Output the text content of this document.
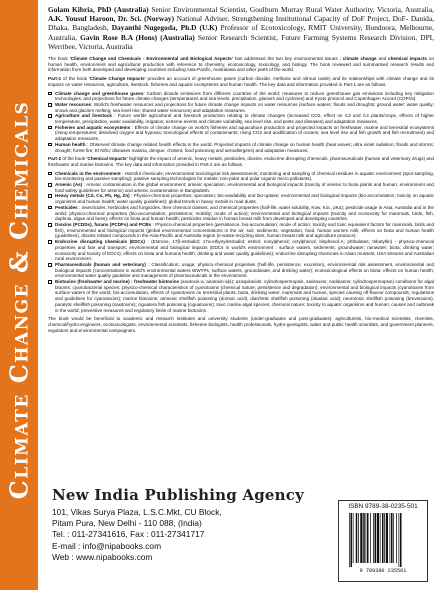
Climate Change & Chemicals

Golam Kibria, PhD (Australia) Senior Environmental Scientist, Goulburn Murray Rural Water Authority, Victoria, Australia, A.K. Yousuf Haroon, Dr. Sci. (Norway) National Adviser, Strengthening Institutional Capacity of DoF Project, DoF- Danida, Dhaka, Bangladesh, Dayanthi Nugegoda, Ph.D (U.K) Professor of Ecotoxicology, RMIT University, Bundoora, Melbourne, Australia, Gavin Rose B.A (Hons) (Australia) Senior Research Scientist, Future Farming Systems Research Division, DPI, Werribee, Victoria, Australia

The book 'Climate Change and Chemicals - Environmental and Biological Aspects' has addressed the two key environmental issues : climate change and chemical impacts on human health, environment and agricultural production with reference to chemistry, ecotoxicology, toxicology, and biology. The book reviewed and summarised research results and information from both developed and developing countries including Asia-Pacific, Australasia and other parts of the world.

Part-1 of the book 'Climate Change Impacts' provides an account of greenhouse gases (carbon dioxide, methane and nitrous oxide) and its relationships with climate change and its impacts on water resources, agriculture, livestock, fisheries and aquatic ecosystems and human health. The key data and information provided in Part-1 are as follows.

Climate change and greenhouse gases: Carbon dioxide emissions from different countries of the world; measures to reduce greenhouse gas emissions including key mitigation technologies; and projections for future climate changes (temperatures and sea levels, precipitation, glaciers and cyclones) and Kyoto protocol and Copenhagen Accord (COP15).
Water resources: World's freshwater resources and projections for future climate change impacts on water resources (surface waters; floods and droughts; ground water; water quality; snows and glaciers melting; sea level rise; shared water resources) and adaptation measures.
Agriculture and livestock : Future worlds agricultural and livestock production relating to climate changes (increased CO2, effect on C3 and C4 plants/crops, effects of higher temperature, precipitation, water availability, irrigation; extreme events and climate variability, sea level rise, and pests and diseases) and adaptation measures.
Fisheries and aquatic ecosystems : Effects of climate change on world's fisheries and aquaculture production and projected impacts on freshwater, marine and terrestrial ecosystems (rising temperatures; dissolved oxygen and hypoxia; toxicological effects of contaminants; rising CO2 and acidification of oceans; sea level rise and fish growth and fish recruitment) and adaptation measures.
Human health : Observed climate change related health effects in the world. Projected impacts of climate change on human health (heat waves; ultra violet radiation; floods and storms; drought; forest fire; El Niño; diseases malaria, dengue, cholera; food poisoning and aeroallergens) and adaptation measures.

Part-2 of the book 'Chemical Impacts' highlights the impact of arsenic, heavy metals, pesticides, dioxins, endocrine disrupting chemicals, pharmaceuticals (human and veterinary drugs) and freshwater and marine biotoxins. The key data and information provided in Part-2 are as follows.

Chemicals in the environment : Harmful chemicals; environmental toxicological risk assessments; monitoring and sampling of chemical residues in aquatic environment (spot sampling, bio-monitoring and passive sampling); passive sampling technologies for metals; non-polar and polar organic micro pollutants).
Arsenic (As) : Arsenic contamination in the global environment; arsenic speciation; environmental and biological impacts (toxicity of arsenic to biota plants and human; environment and food safety guidelines for arsenic) and arsenic contamination in Bangladesh.
Heavy metals (Cd, Cu, Pb, Hg, Zn) : Physico-chemical properties; speciation; bio-availability and bio-uptake; environmental and biological impacts (bio-accumulation; toxicity on aquatic organisms and human health; water quality guidelines); global trends in heavy metals in road dusts.
Pesticides : insecticides, herbicides and fungicides, their chemical classes, and chemical properties (half-life, water solubility, Kow, Koc, pKa); pesticide usage in Asia, Australia and in the world; physico-chemical properties (bio-accumulation, persistence; mobility; mode of action); environmental and biological impacts (toxicity and ecotoxicity for mammals, birds, fish, daphnia, algae and bees); effects on biota and human health; pesticides residue in human breast milk from developed and developing countries.
Dioxins (PCDDs), furans (PCDFs) and PCBs : Physico-chemical properties (persistence, bio-accumulation; mode of action; toxicity and toxic equivalent factors for mammals, birds and fish), environmental and biological impacts (global environmental concentrations in the air, soil, sediments, vegetation, food, human women milk, effects on biota and human health (guidelines), dioxins related compounds in the Asia-Pacific and Australia region (e-waste recycling sites, human breast milk and agriculture produce).
Endocrine disrupting chemicals (EDCs) : (Estrone, 17β-estradiol; 17α-ethynylestradiol; estriol; nonylphenol; octylphenol; bisphenol-A; phthalates; tributyltin) - physico-chemical properties and fate and transport; environmental and biological impacts (EDCs in world's environment : surface waters, sediments; groundwater; rainwater; biota; drinking water; ecotoxicity and toxicity of EDCs); effects on biota and humans health; drinking and water quality guidelines); endocrine disrupting chemicals in Asian mussels; USA streams and Australian rural environment.
Pharmaceuticals (human and veterinary) : Classification; usage; physico-chemical properties (half-life, persistence; excretion), environmental risk assessment, environmental and biological impacts (concentrations in world's environmental waters WWTPs, surface waters, groundwater, and drinking water); ecotoxicological effects on biota; effects on human health; environmental water quality guideline and management of pharmaceuticals in the environment.
Biotoxins (freshwater and marine) : freshwater biotoxins (anatoxin-a; anatoxin-a(s); azaspiracids; cylindrospermopsin, saxitoxins; nodularins; cylindrospermopsin) conditions for algal blooms; cyanobacterial species; physico-chemical characteristics of cyanotoxins (chemical nature; persistence and degradation), environmental and biological impacts (cyanotoxins from surface waters of the world, bio-accumulation, effects of cyanotoxins on terrestrial plants, biota, drinking water, mammals and human, species causing off-flavour compounds; regulations and guidelines for cyanotoxins); marine biotoxins; amnesic shellfish poisoning (domoic acid); diarrhetic shellfish poisoning (okadaic acid); neurotoxic shellfish poisoning (brevetoxins); paralytic shellfish poisoning (saxitoxins); ciguatera fish poisoning (ciguatoxins); toxic marine algal species; chemical nature; toxicity to aquatic organisms and human; causes and outbreak in the world; preventive measures and regulatory limits of marine biotoxins.

The book would be beneficial to academic and research institutes and university students (under-graduates and post-graduates): agriculturists, bio-medical scientists, chemists, chemical/hydro-engineers, ecotoxicologists, environmental scientists, fisheries biologists, health professionals, hydro-geologists, water and public health scientists, and government planners, regulators and environmental campaigners.

New India Publishing Agency

101, Vikas Surya Plaza, L.S.C.Mkt, CU Block,

Pitam Pura, New Delhi - 110 088, (India)

Tel. : 011-27341616, Fax : 011-27341717

E-mail : info@nipabooks.com

Web : www.nipabooks.com

ISBN 9789-38-0235-501
9 789380 235501
